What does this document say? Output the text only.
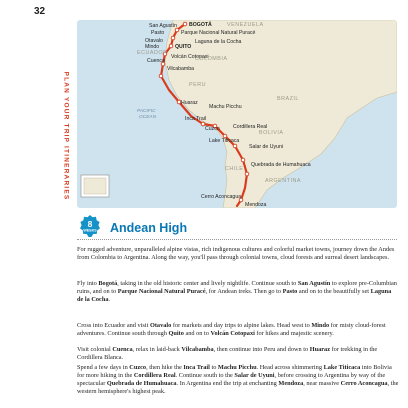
32
PLAN YOUR TRIP ITINERARIES
San Agustín BOGOTÁ
Pasto	Parque Nacional Natural Puracé
Otavalo
Mindo	QUITO
Laguna de la Cocha
Volcán Cotopaxi
Cuenca
Vilcabamba
Huaraz
Machu Picchu
Inca Trail
Cuzco	Cordillera Real
Lake Titicaca
Salar de Uyuni
Quebrada de Humahuaca
Cerro Aconcagua
Mendoza
PACIFIC
OCEAN
BRAZIL
VENEZUELA
COLOMBIA
PERU
BOLIVIA
CHILE
ARGENTINA
ECUADOR
8
WEEKS Andean High

For rugged adventure, unparalleled alpine vistas, rich indigenous cultures and colorful market towns, journey down the Andes from Colombia to Argentina. Along the way, you'll pass through colonial towns, cloud forests and surreal desert landscapes.

Fly into Bogotá, taking in the old historic center and lively nightlife. Continue south to San Agustín to explore pre-Columbian ruins, and on to Parque Nacional Natural Puracé, for Andean treks. Then go to Pasto and on to the beautifully set Laguna de la Cocha.

Cross into Ecuador and visit Otavalo for markets and day trips to alpine lakes. Head west to Mindo for misty cloud-forest adventures. Continue south through Quito and on to Volcán Cotopaxi for hikes and majestic scenery.

Visit colonial Cuenca, relax in laid-back Vilcabamba, then continue into Peru and down to Huaraz for trekking in the Cordillera Blanca.

Spend a few days in Cuzco, then hike the Inca Trail to Machu Picchu. Head across shimmering Lake Titicaca into Bolivia for more hiking in the Cordillera Real. Continue south to the Salar de Uyuni, before crossing to Argentina by way of the spectacular Quebrada de Humahuaca. In Argentina end the trip at enchanting Mendoza, near massive Cerro Aconcagua, the western hemisphere's highest peak.
